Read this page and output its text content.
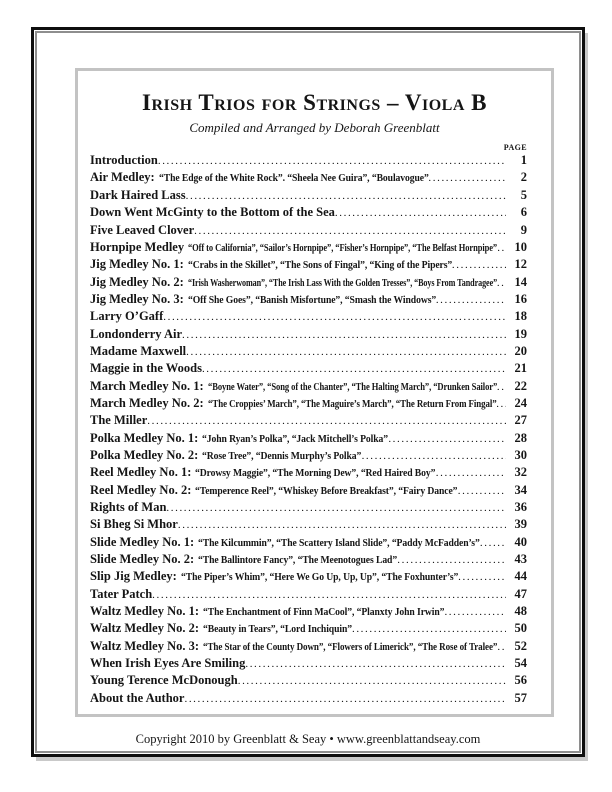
Irish Trios for Strings – Viola B
Compiled and Arranged by Deborah Greenblatt
PAGE
Introduction .....	1
Air Medley: “The Edge of the White Rock”. “Sheela Nee Guira”, “Boulavogue” .....	2
Dark Haired Lass .....	5
Down Went McGinty to the Bottom of the Sea .....	6
Five Leaved Clover .....	9
Hornpipe Medley “Off to California”, “Sailor’s Hornpipe”, “Fisher’s Hornpipe”, “The Belfast Hornpipe” .....	10
Jig Medley No. 1: “Crabs in the Skillet”, “The Sons of Fingal”, “King of the Pipers” .....	12
Jig Medley No. 2: “Irish Washerwoman”, “The Irish Lass With the Golden Tresses”, “Boys From Tandragee” .....	14
Jig Medley No. 3: “Off She Goes”, “Banish Misfortune”, “Smash the Windows” .....	16
Larry O’Gaff .....	18
Londonderry Air .....	19
Madame Maxwell .....	20
Maggie in the Woods .....	21
March Medley No. 1: “Boyne Water”, “Song of the Chanter”, “The Halting March”, “Drunken Sailor” .....	22
March Medley No. 2: “The Croppies’ March”, “The Maguire’s March”, “The Return From Fingal” .....	24
The Miller .....	27
Polka Medley No. 1: “John Ryan’s Polka”, “Jack Mitchell’s Polka” .....	28
Polka Medley No. 2: “Rose Tree”, “Dennis Murphy’s Polka” .....	30
Reel Medley No. 1: “Drowsy Maggie”, “The Morning Dew”, “Red Haired Boy” .....	32
Reel Medley No. 2: “Temperence Reel”, “Whiskey Before Breakfast”, “Fairy Dance” .....	34
Rights of Man .....	36
Si Bheg Si Mhor .....	39
Slide Medley No. 1: “The Kilcummin”, “The Scattery Island Slide”, “Paddy McFadden’s” .....	40
Slide Medley No. 2: “The Ballintore Fancy”, “The Meenotogues Lad” .....	43
Slip Jig Medley: “The Piper’s Whim”, “Here We Go Up, Up, Up”, “The Foxhunter’s” .....	44
Tater Patch .....	47
Waltz Medley No. 1: “The Enchantment of Finn MaCool”, “Planxty John Irwin” .....	48
Waltz Medley No. 2: “Beauty in Tears”, “Lord Inchiquin” .....	50
Waltz Medley No. 3: “The Star of the County Down”, “Flowers of Limerick”, “The Rose of Tralee” .....	52
When Irish Eyes Are Smiling .....	54
Young Terence McDonough .....	56
About the Author .....	57
Copyright 2010 by Greenblatt & Seay • www.greenblattandseay.com
